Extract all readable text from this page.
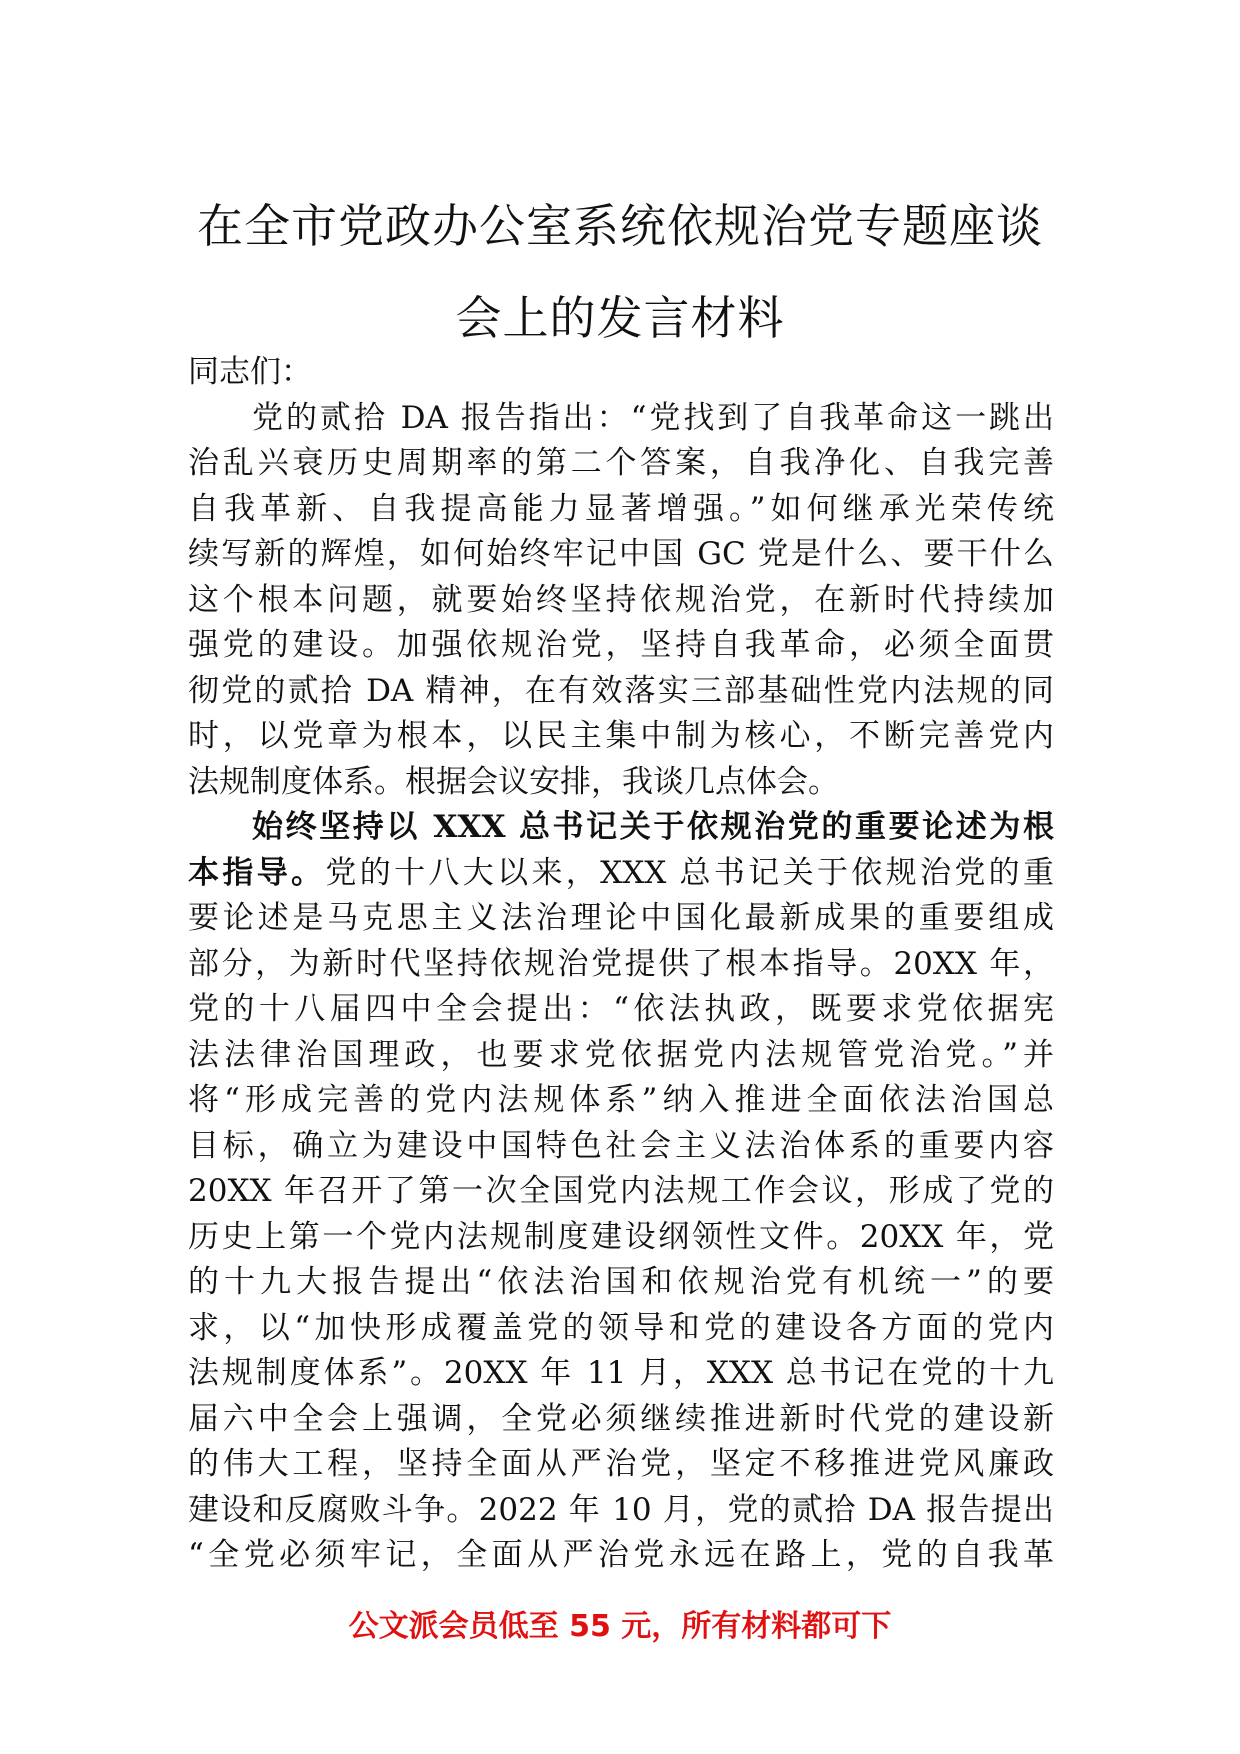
在全市党政办公室系统依规治党专题座谈
会上的发言材料
同志们：
党的贰拾 DA 报告指出：“党找到了自我革命这一跳出
治乱兴衰历史周期率的第二个答案，自我净化、自我完善
自我革新、自我提高能力显著增强。”如何继承光荣传统
续写新的辉煌，如何始终牢记中国 GC 党是什么、要干什么
这个根本问题，就要始终坚持依规治党，在新时代持续加
强党的建设。加强依规治党，坚持自我革命，必须全面贯
彻党的贰拾 DA 精神，在有效落实三部基础性党内法规的同
时，以党章为根本，以民主集中制为核心，不断完善党内
法规制度体系。根据会议安排，我谈几点体会。
始终坚持以 XXX 总书记关于依规治党的重要论述为根
本指导。党的十八大以来，XXX 总书记关于依规治党的重
要论述是马克思主义法治理论中国化最新成果的重要组成
部分，为新时代坚持依规治党提供了根本指导。20XX 年，
党的十八届四中全会提出：“依法执政，既要求党依据宪
法法律治国理政，也要求党依据党内法规管党治党。”并
将“形成完善的党内法规体系”纳入推进全面依法治国总
目标，确立为建设中国特色社会主义法治体系的重要内容
20XX 年召开了第一次全国党内法规工作会议，形成了党的
历史上第一个党内法规制度建设纲领性文件。20XX 年，党
的十九大报告提出“依法治国和依规治党有机统一”的要
求，以“加快形成覆盖党的领导和党的建设各方面的党内
法规制度体系”。20XX 年 11 月，XXX 总书记在党的十九
届六中全会上强调，全党必须继续推进新时代党的建设新
的伟大工程，坚持全面从严治党，坚定不移推进党风廉政
建设和反腐败斗争。2022 年 10 月，党的贰拾 DA 报告提出
“全党必须牢记，全面从严治党永远在路上，党的自我革
公文派会员低至 55 元，所有材料都可下
